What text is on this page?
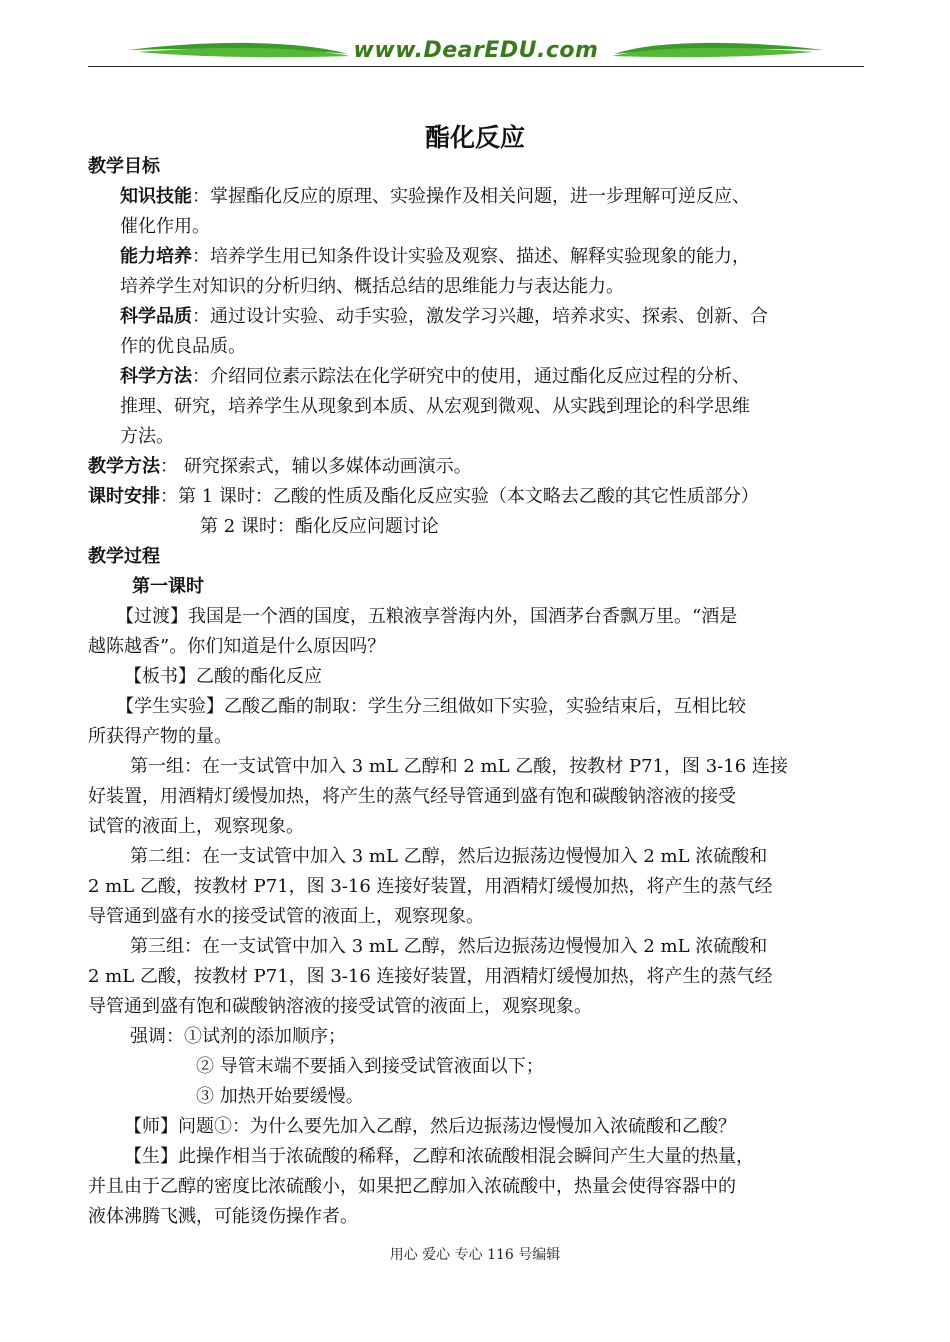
www.DearEDU.com
酯化反应
教学目标
知识技能：掌握酯化反应的原理、实验操作及相关问题，进一步理解可逆反应、
催化作用。
能力培养：培养学生用已知条件设计实验及观察、描述、解释实验现象的能力，
培养学生对知识的分析归纳、概括总结的思维能力与表达能力。
科学品质：通过设计实验、动手实验，激发学习兴趣，培养求实、探索、创新、合
作的优良品质。
科学方法：介绍同位素示踪法在化学研究中的使用，通过酯化反应过程的分析、
推理、研究，培养学生从现象到本质、从宏观到微观、从实践到理论的科学思维
方法。
教学方法： 研究探索式，辅以多媒体动画演示。
课时安排：第 1 课时：乙酸的性质及酯化反应实验（本文略去乙酸的其它性质部分）
第 2 课时：酯化反应问题讨论
教学过程
第一课时
【过渡】我国是一个酒的国度，五粮液享誉海内外，国酒茅台香飘万里。“酒是
越陈越香”。你们知道是什么原因吗？
【板书】乙酸的酯化反应
【学生实验】乙酸乙酯的制取：学生分三组做如下实验，实验结束后，互相比较
所获得产物的量。
第一组：在一支试管中加入 3 mL 乙醇和 2 mL 乙酸，按教材 P71，图 3-16 连接
好装置，用酒精灯缓慢加热，将产生的蒸气经导管通到盛有饱和碳酸钠溶液的接受
试管的液面上，观察现象。
第二组：在一支试管中加入 3 mL 乙醇，然后边振荡边慢慢加入 2 mL 浓硫酸和
2 mL 乙酸，按教材 P71，图 3-16 连接好装置，用酒精灯缓慢加热，将产生的蒸气经
导管通到盛有水的接受试管的液面上，观察现象。
第三组：在一支试管中加入 3 mL 乙醇，然后边振荡边慢慢加入 2 mL 浓硫酸和
2 mL 乙酸，按教材 P71，图 3-16 连接好装置，用酒精灯缓慢加热，将产生的蒸气经
导管通到盛有饱和碳酸钠溶液的接受试管的液面上，观察现象。
强调：①试剂的添加顺序；
② 导管末端不要插入到接受试管液面以下；
③ 加热开始要缓慢。
【师】问题①：为什么要先加入乙醇，然后边振荡边慢慢加入浓硫酸和乙酸？
【生】此操作相当于浓硫酸的稀释，乙醇和浓硫酸相混会瞬间产生大量的热量，
并且由于乙醇的密度比浓硫酸小，如果把乙醇加入浓硫酸中，热量会使得容器中的
液体沸腾飞溅，可能烫伤操作者。
用心 爱心 专心 116 号编辑
